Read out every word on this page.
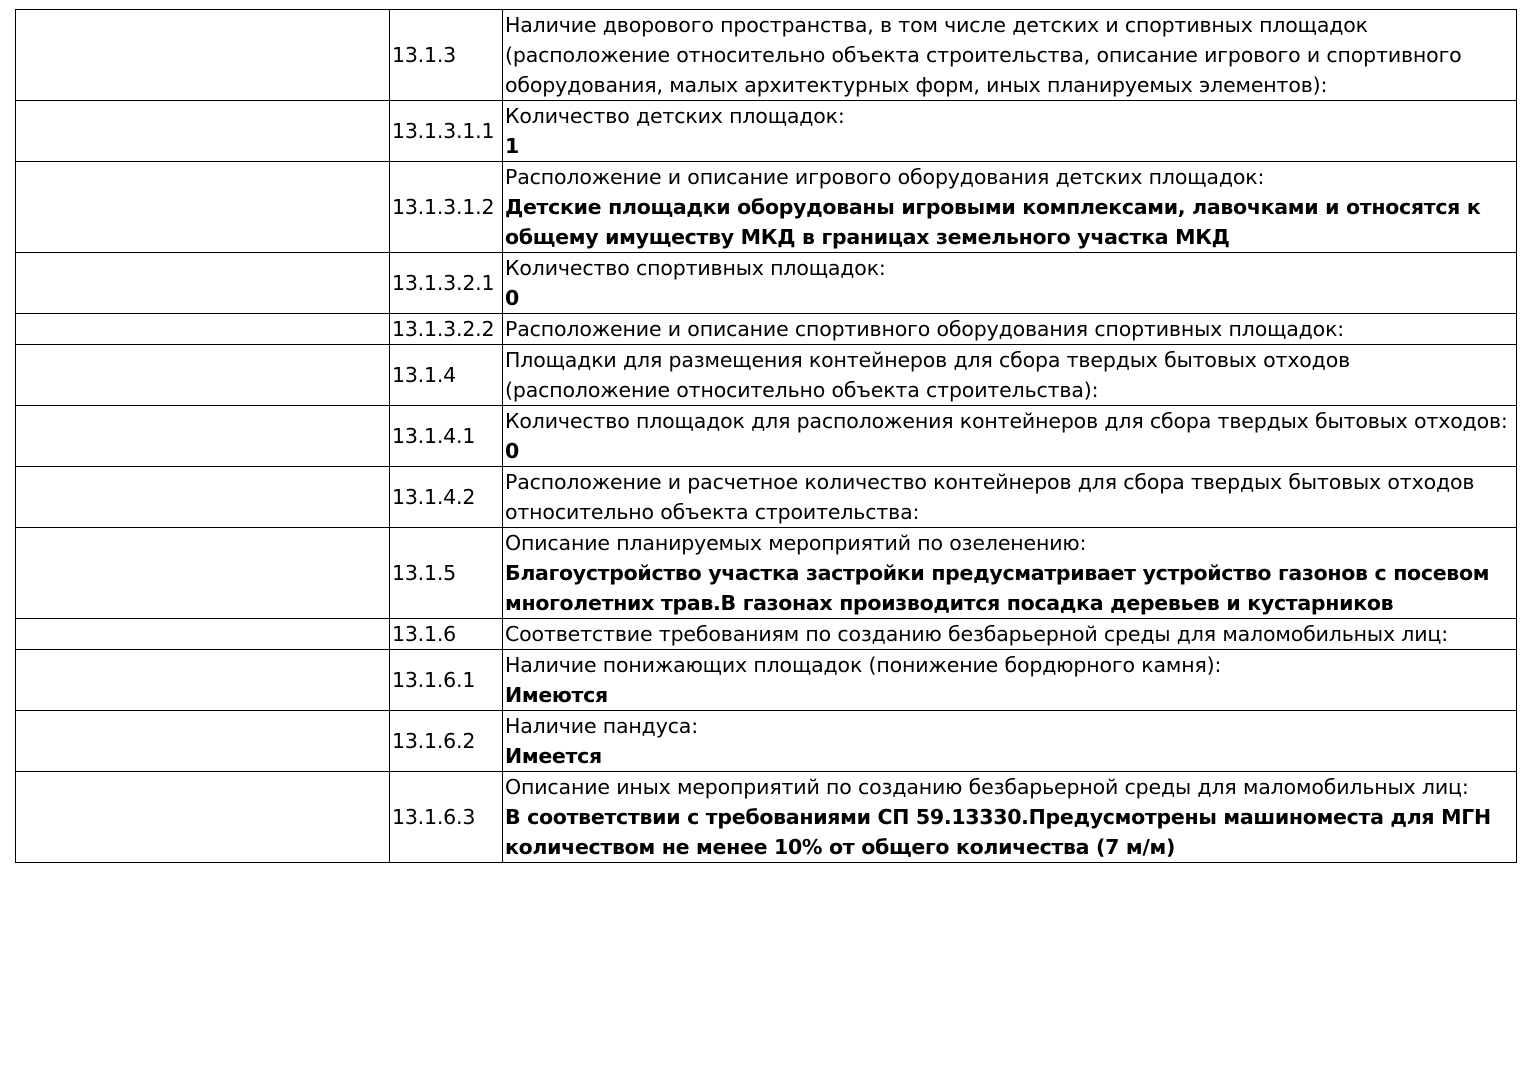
	13.1.3	Наличие дворового пространства, в том числе детских и спортивных площадок (расположение относительно объекта строительства, описание игрового и спортивного оборудования, малых архитектурных форм, иных планируемых элементов):

	13.1.3.1.1	Количество детских площадок:
1

	13.1.3.1.2	Расположение и описание игрового оборудования детских площадок:
Детские площадки оборудованы игровыми комплексами, лавочками и относятся к общему имуществу МКД в границах земельного участка МКД

	13.1.3.2.1	Количество спортивных площадок:
0

	13.1.3.2.2	Расположение и описание спортивного оборудования спортивных площадок:

	13.1.4	Площадки для размещения контейнеров для сбора твердых бытовых отходов (расположение относительно объекта строительства):

	13.1.4.1	Количество площадок для расположения контейнеров для сбора твердых бытовых отходов:
0

	13.1.4.2	Расположение и расчетное количество контейнеров для сбора твердых бытовых отходов относительно объекта строительства:

	13.1.5	Описание планируемых мероприятий по озеленению:
Благоустройство участка застройки предусматривает устройство газонов с посевом многолетних трав.В газонах производится посадка деревьев и кустарников

	13.1.6	Соответствие требованиям по созданию безбарьерной среды для маломобильных лиц:

	13.1.6.1	Наличие понижающих площадок (понижение бордюрного камня):
Имеются

	13.1.6.2	Наличие пандуса:
Имеется

	13.1.6.3	Описание иных мероприятий по созданию безбарьерной среды для маломобильных лиц:
В соответствии с требованиями СП 59.13330.Предусмотрены машиноместа для МГН количеством не менее 10% от общего количества (7 м/м)
